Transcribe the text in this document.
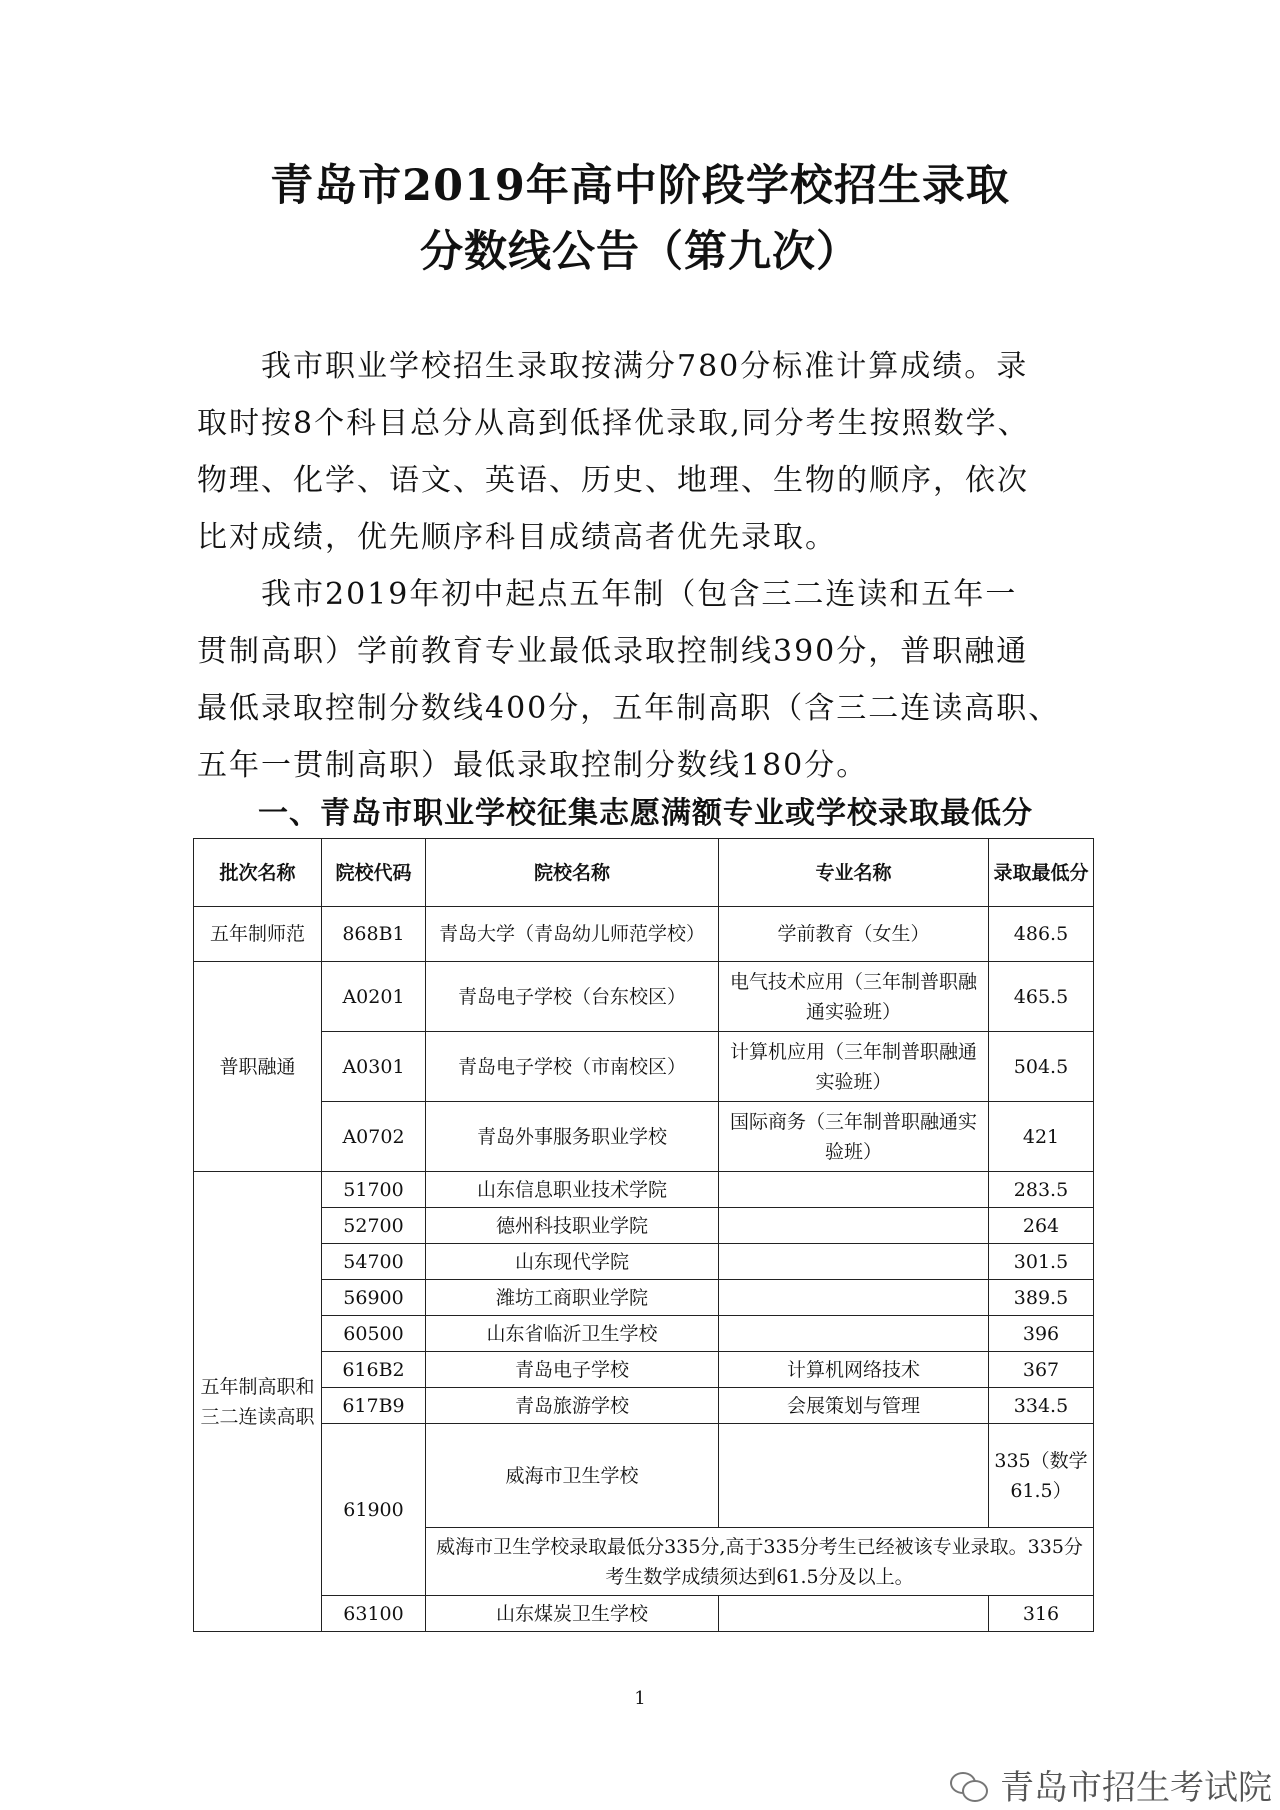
青岛市2019年高中阶段学校招生录取
分数线公告（第九次）
我市职业学校招生录取按满分780分标准计算成绩。录
取时按8个科目总分从高到低择优录取,同分考生按照数学、
物理、化学、语文、英语、历史、地理、生物的顺序，依次
比对成绩，优先顺序科目成绩高者优先录取。
我市2019年初中起点五年制（包含三二连读和五年一
贯制高职）学前教育专业最低录取控制线390分，普职融通
最低录取控制分数线400分，五年制高职（含三二连读高职、
五年一贯制高职）最低录取控制分数线180分。
一、青岛市职业学校征集志愿满额专业或学校录取最低分
批次名称	院校代码	院校名称	专业名称	录取最低分
五年制师范	868B1	青岛大学（青岛幼儿师范学校）	学前教育（女生）	486.5
普职融通	A0201	青岛电子学校（台东校区）	电气技术应用（三年制普职融通实验班）	465.5
	A0301	青岛电子学校（市南校区）	计算机应用（三年制普职融通实验班）	504.5
	A0702	青岛外事服务职业学校	国际商务（三年制普职融通实验班）	421
五年制高职和三二连读高职	51700	山东信息职业技术学院		283.5
	52700	德州科技职业学院		264
	54700	山东现代学院		301.5
	56900	潍坊工商职业学院		389.5
	60500	山东省临沂卫生学校		396
	616B2	青岛电子学校	计算机网络技术	367
	617B9	青岛旅游学校	会展策划与管理	334.5
	61900	威海市卫生学校		335（数学61.5）
		威海市卫生学校录取最低分335分,高于335分考生已经被该专业录取。335分考生数学成绩须达到61.5分及以上。		
	63100	山东煤炭卫生学校		316
1
青岛市招生考试院
